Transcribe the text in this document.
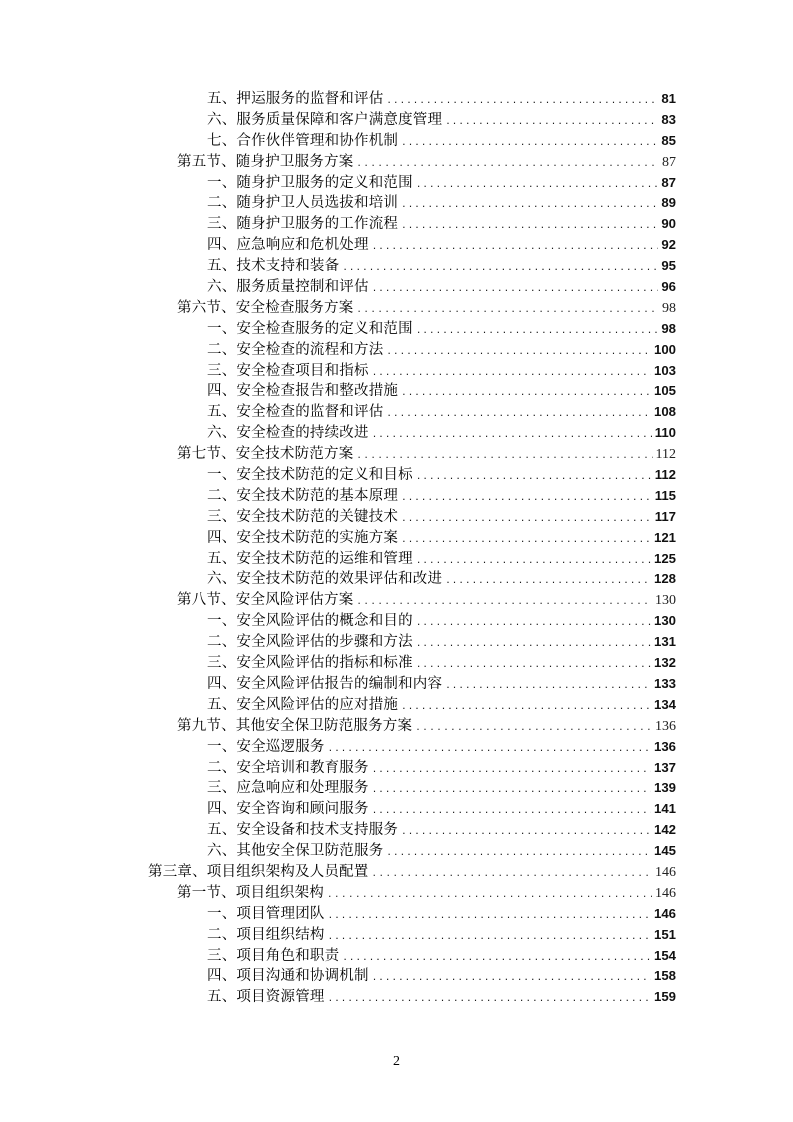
五、押运服务的监督和评估 .....	81
六、服务质量保障和客户满意度管理 .....	83
七、合作伙伴管理和协作机制 .....	85
第五节、随身护卫服务方案 .....	87
一、随身护卫服务的定义和范围 .....	87
二、随身护卫人员选拔和培训 .....	89
三、随身护卫服务的工作流程 .....	90
四、应急响应和危机处理 .....	92
五、技术支持和装备 .....	95
六、服务质量控制和评估 .....	96
第六节、安全检查服务方案 .....	98
一、安全检查服务的定义和范围 .....	98
二、安全检查的流程和方法 .....	100
三、安全检查项目和指标 .....	103
四、安全检查报告和整改措施 .....	105
五、安全检查的监督和评估 .....	108
六、安全检查的持续改进 .....	110
第七节、安全技术防范方案 .....	112
一、安全技术防范的定义和目标 .....	112
二、安全技术防范的基本原理 .....	115
三、安全技术防范的关键技术 .....	117
四、安全技术防范的实施方案 .....	121
五、安全技术防范的运维和管理 .....	125
六、安全技术防范的效果评估和改进 .....	128
第八节、安全风险评估方案 .....	130
一、安全风险评估的概念和目的 .....	130
二、安全风险评估的步骤和方法 .....	131
三、安全风险评估的指标和标准 .....	132
四、安全风险评估报告的编制和内容 .....	133
五、安全风险评估的应对措施 .....	134
第九节、其他安全保卫防范服务方案 .....	136
一、安全巡逻服务 .....	136
二、安全培训和教育服务 .....	137
三、应急响应和处理服务 .....	139
四、安全咨询和顾问服务 .....	141
五、安全设备和技术支持服务 .....	142
六、其他安全保卫防范服务 .....	145
第三章、项目组织架构及人员配置 .....	146
第一节、项目组织架构 .....	146
一、项目管理团队 .....	146
二、项目组织结构 .....	151
三、项目角色和职责 .....	154
四、项目沟通和协调机制 .....	158
五、项目资源管理 .....	159
2
